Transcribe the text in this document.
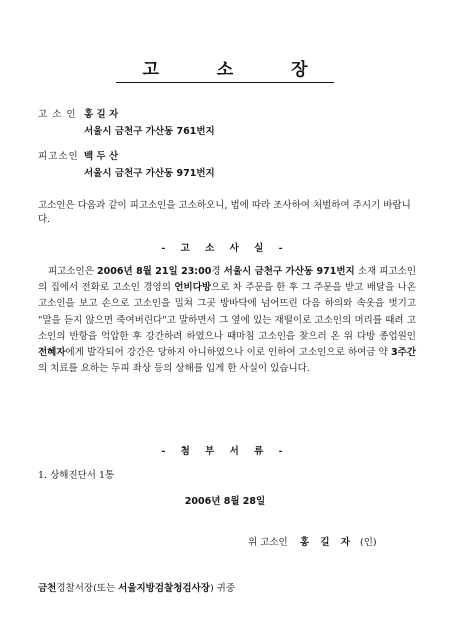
고 소 장
고 소 인 홍 길 자
서울시 금천구 가산동 761번지
피고소인 백 두 산
서울시 금천구 가산동 971번지
고소인은 다음과 같이 피고소인을 고소하오니, 법에 따라 조사하여 처벌하여 주시기 바랍니다.
- 고 소 사 실 -
피고소인은 2006년 8월 21일 23:00경 서울시 금천구 가산동 971번지 소재 피고소인의 집에서 전화로 고소인 경영의 언비다방으로 차 주문을 한 후 그 주문을 받고 배달을 나온 고소인을 보고 손으로 고소인을 밀쳐 그곳 방바닥에 넘어뜨린 다음 하의와 속옷을 벗기고 "말을 듣지 않으면 죽여버린다"고 말하면서 그 옆에 있는 재떨이로 고소인의 머리를 때려 고소인의 반항을 억압한 후 강간하려 하였으나 때마침 고소인을 찾으러 온 위 다방 종업원인 전혜자에게 발각되어 강간은 당하지 아니하였으나 이로 인하여 고소인으로 하여금 약 3주간의 치료를 요하는 두피 좌상 등의 상해를 입게 한 사실이 있습니다.
- 첨 부 서 류 -
1. 상해진단서 1통
2006년 8월 28일
위 고소인 홍 길 자 (인)
금천경찰서장(또는 서울지방검찰청검사장) 귀중
